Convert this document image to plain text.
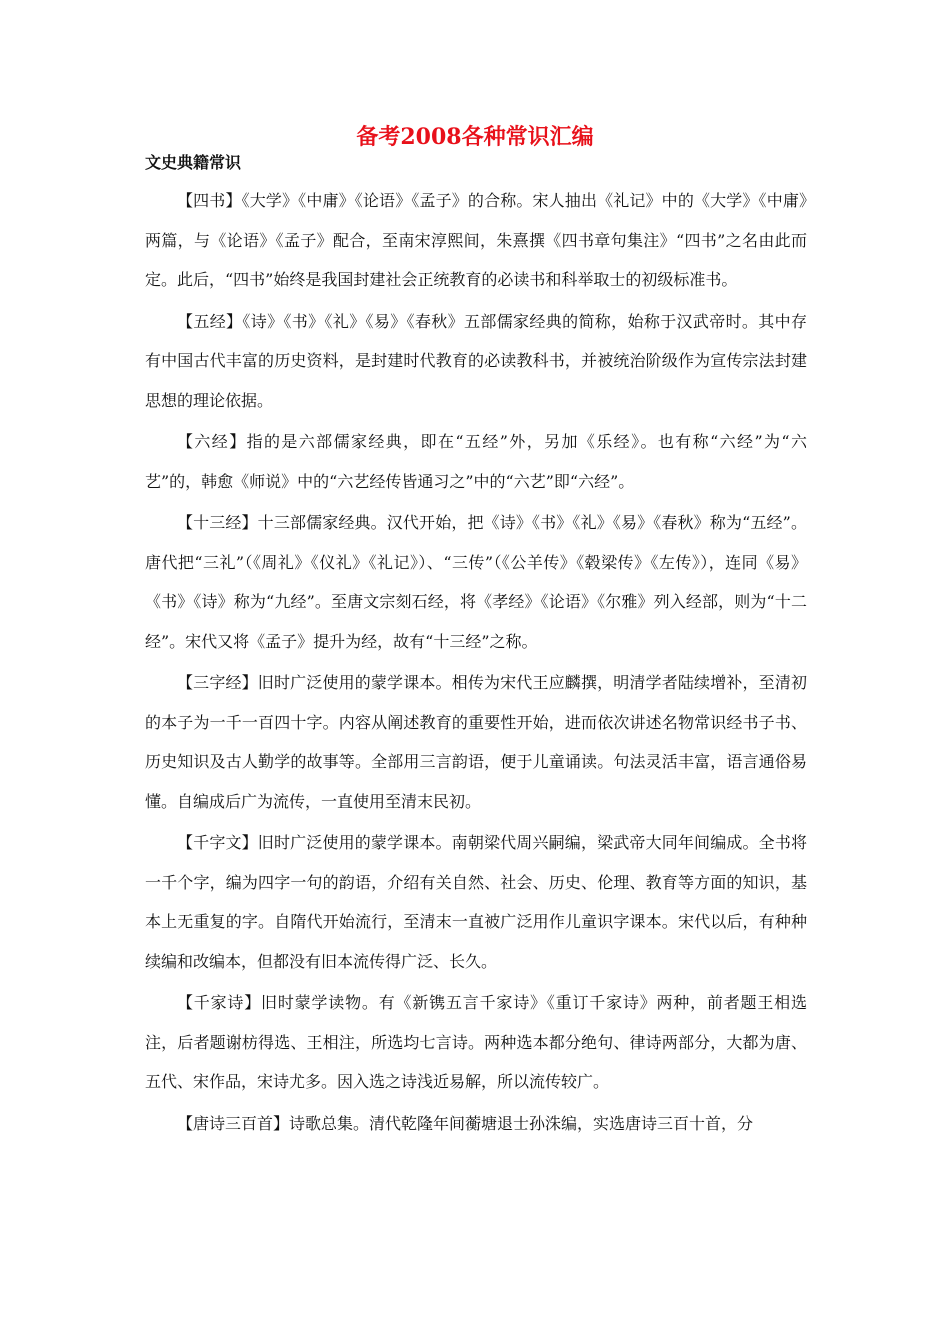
备考2008各种常识汇编
文史典籍常识

【四书】《大学》《中庸》《论语》《孟子》的合称。宋人抽出《礼记》中的《大学》《中庸》两篇，与《论语》《孟子》配合，至南宋淳熙间，朱熹撰《四书章句集注》“四书”之名由此而定。此后，“四书”始终是我国封建社会正统教育的必读书和科举取士的初级标准书。

【五经】《诗》《书》《礼》《易》《春秋》五部儒家经典的简称，始称于汉武帝时。其中存有中国古代丰富的历史资料，是封建时代教育的必读教科书，并被统治阶级作为宣传宗法封建思想的理论依据。

【六经】指的是六部儒家经典，即在“五经”外，另加《乐经》。也有称“六经”为“六艺”的，韩愈《师说》中的“六艺经传皆通习之”中的“六艺”即“六经”。

【十三经】十三部儒家经典。汉代开始，把《诗》《书》《礼》《易》《春秋》称为“五经”。唐代把“三礼”（《周礼》《仪礼》《礼记》）、“三传”（《公羊传》《毂梁传》《左传》），连同《易》《书》《诗》称为“九经”。至唐文宗刻石经，将《孝经》《论语》《尔雅》列入经部，则为“十二经”。宋代又将《孟子》提升为经，故有“十三经”之称。

【三字经】旧时广泛使用的蒙学课本。相传为宋代王应麟撰，明清学者陆续增补，至清初的本子为一千一百四十字。内容从阐述教育的重要性开始，进而依次讲述名物常识经书子书、历史知识及古人勤学的故事等。全部用三言韵语，便于儿童诵读。句法灵活丰富，语言通俗易懂。自编成后广为流传，一直使用至清末民初。

【千字文】旧时广泛使用的蒙学课本。南朝梁代周兴嗣编，梁武帝大同年间编成。全书将一千个字，编为四字一句的韵语，介绍有关自然、社会、历史、伦理、教育等方面的知识，基本上无重复的字。自隋代开始流行，至清末一直被广泛用作儿童识字课本。宋代以后，有种种续编和改编本，但都没有旧本流传得广泛、长久。

【千家诗】旧时蒙学读物。有《新镌五言千家诗》《重订千家诗》两种，前者题王相选注，后者题谢枋得选、王相注，所选均七言诗。两种选本都分绝句、律诗两部分，大都为唐、五代、宋作品，宋诗尤多。因入选之诗浅近易解，所以流传较广。

【唐诗三百首】诗歌总集。清代乾隆年间蘅塘退士孙洙编，实选唐诗三百十首，分
